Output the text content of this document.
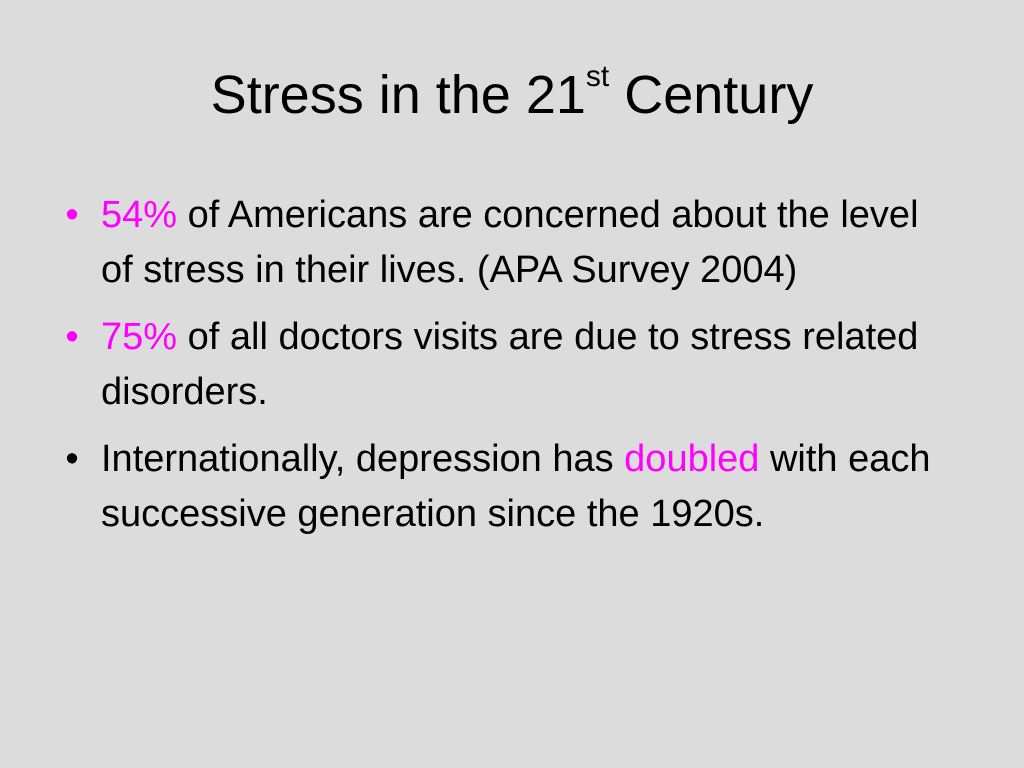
Stress in the 21st Century
• 54% of Americans are concerned about the level of stress in their lives. (APA Survey 2004)
• 75% of all doctors visits are due to stress related disorders.
• Internationally, depression has doubled with each successive generation since the 1920s.
